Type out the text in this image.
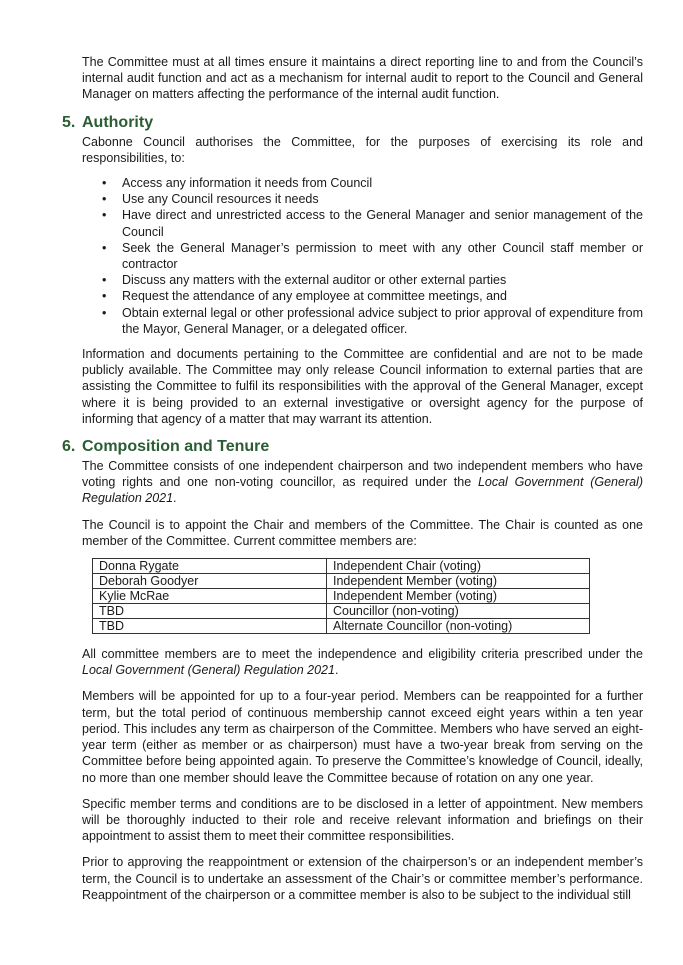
The Committee must at all times ensure it maintains a direct reporting line to and from the Council’s internal audit function and act as a mechanism for internal audit to report to the Council and General Manager on matters affecting the performance of the internal audit function.

5. Authority

Cabonne Council authorises the Committee, for the purposes of exercising its role and responsibilities, to:

• Access any information it needs from Council
• Use any Council resources it needs
• Have direct and unrestricted access to the General Manager and senior management of the Council
• Seek the General Manager’s permission to meet with any other Council staff member or contractor
• Discuss any matters with the external auditor or other external parties
• Request the attendance of any employee at committee meetings, and
• Obtain external legal or other professional advice subject to prior approval of expenditure from the Mayor, General Manager, or a delegated officer.

Information and documents pertaining to the Committee are confidential and are not to be made publicly available. The Committee may only release Council information to external parties that are assisting the Committee to fulfil its responsibilities with the approval of the General Manager, except where it is being provided to an external investigative or oversight agency for the purpose of informing that agency of a matter that may warrant its attention.

6. Composition and Tenure

The Committee consists of one independent chairperson and two independent members who have voting rights and one non-voting councillor, as required under the Local Government (General) Regulation 2021.

The Council is to appoint the Chair and members of the Committee. The Chair is counted as one member of the Committee. Current committee members are:

Donna Rygate	Independent Chair (voting)
Deborah Goodyer	Independent Member (voting)
Kylie McRae	Independent Member (voting)
TBD	Councillor (non-voting)
TBD	Alternate Councillor (non-voting)

All committee members are to meet the independence and eligibility criteria prescribed under the Local Government (General) Regulation 2021.

Members will be appointed for up to a four-year period. Members can be reappointed for a further term, but the total period of continuous membership cannot exceed eight years within a ten year period. This includes any term as chairperson of the Committee. Members who have served an eight-year term (either as member or as chairperson) must have a two-year break from serving on the Committee before being appointed again. To preserve the Committee’s knowledge of Council, ideally, no more than one member should leave the Committee because of rotation on any one year.

Specific member terms and conditions are to be disclosed in a letter of appointment. New members will be thoroughly inducted to their role and receive relevant information and briefings on their appointment to assist them to meet their committee responsibilities.

Prior to approving the reappointment or extension of the chairperson’s or an independent member’s term, the Council is to undertake an assessment of the Chair’s or committee member’s performance. Reappointment of the chairperson or a committee member is also to be subject to the individual still
